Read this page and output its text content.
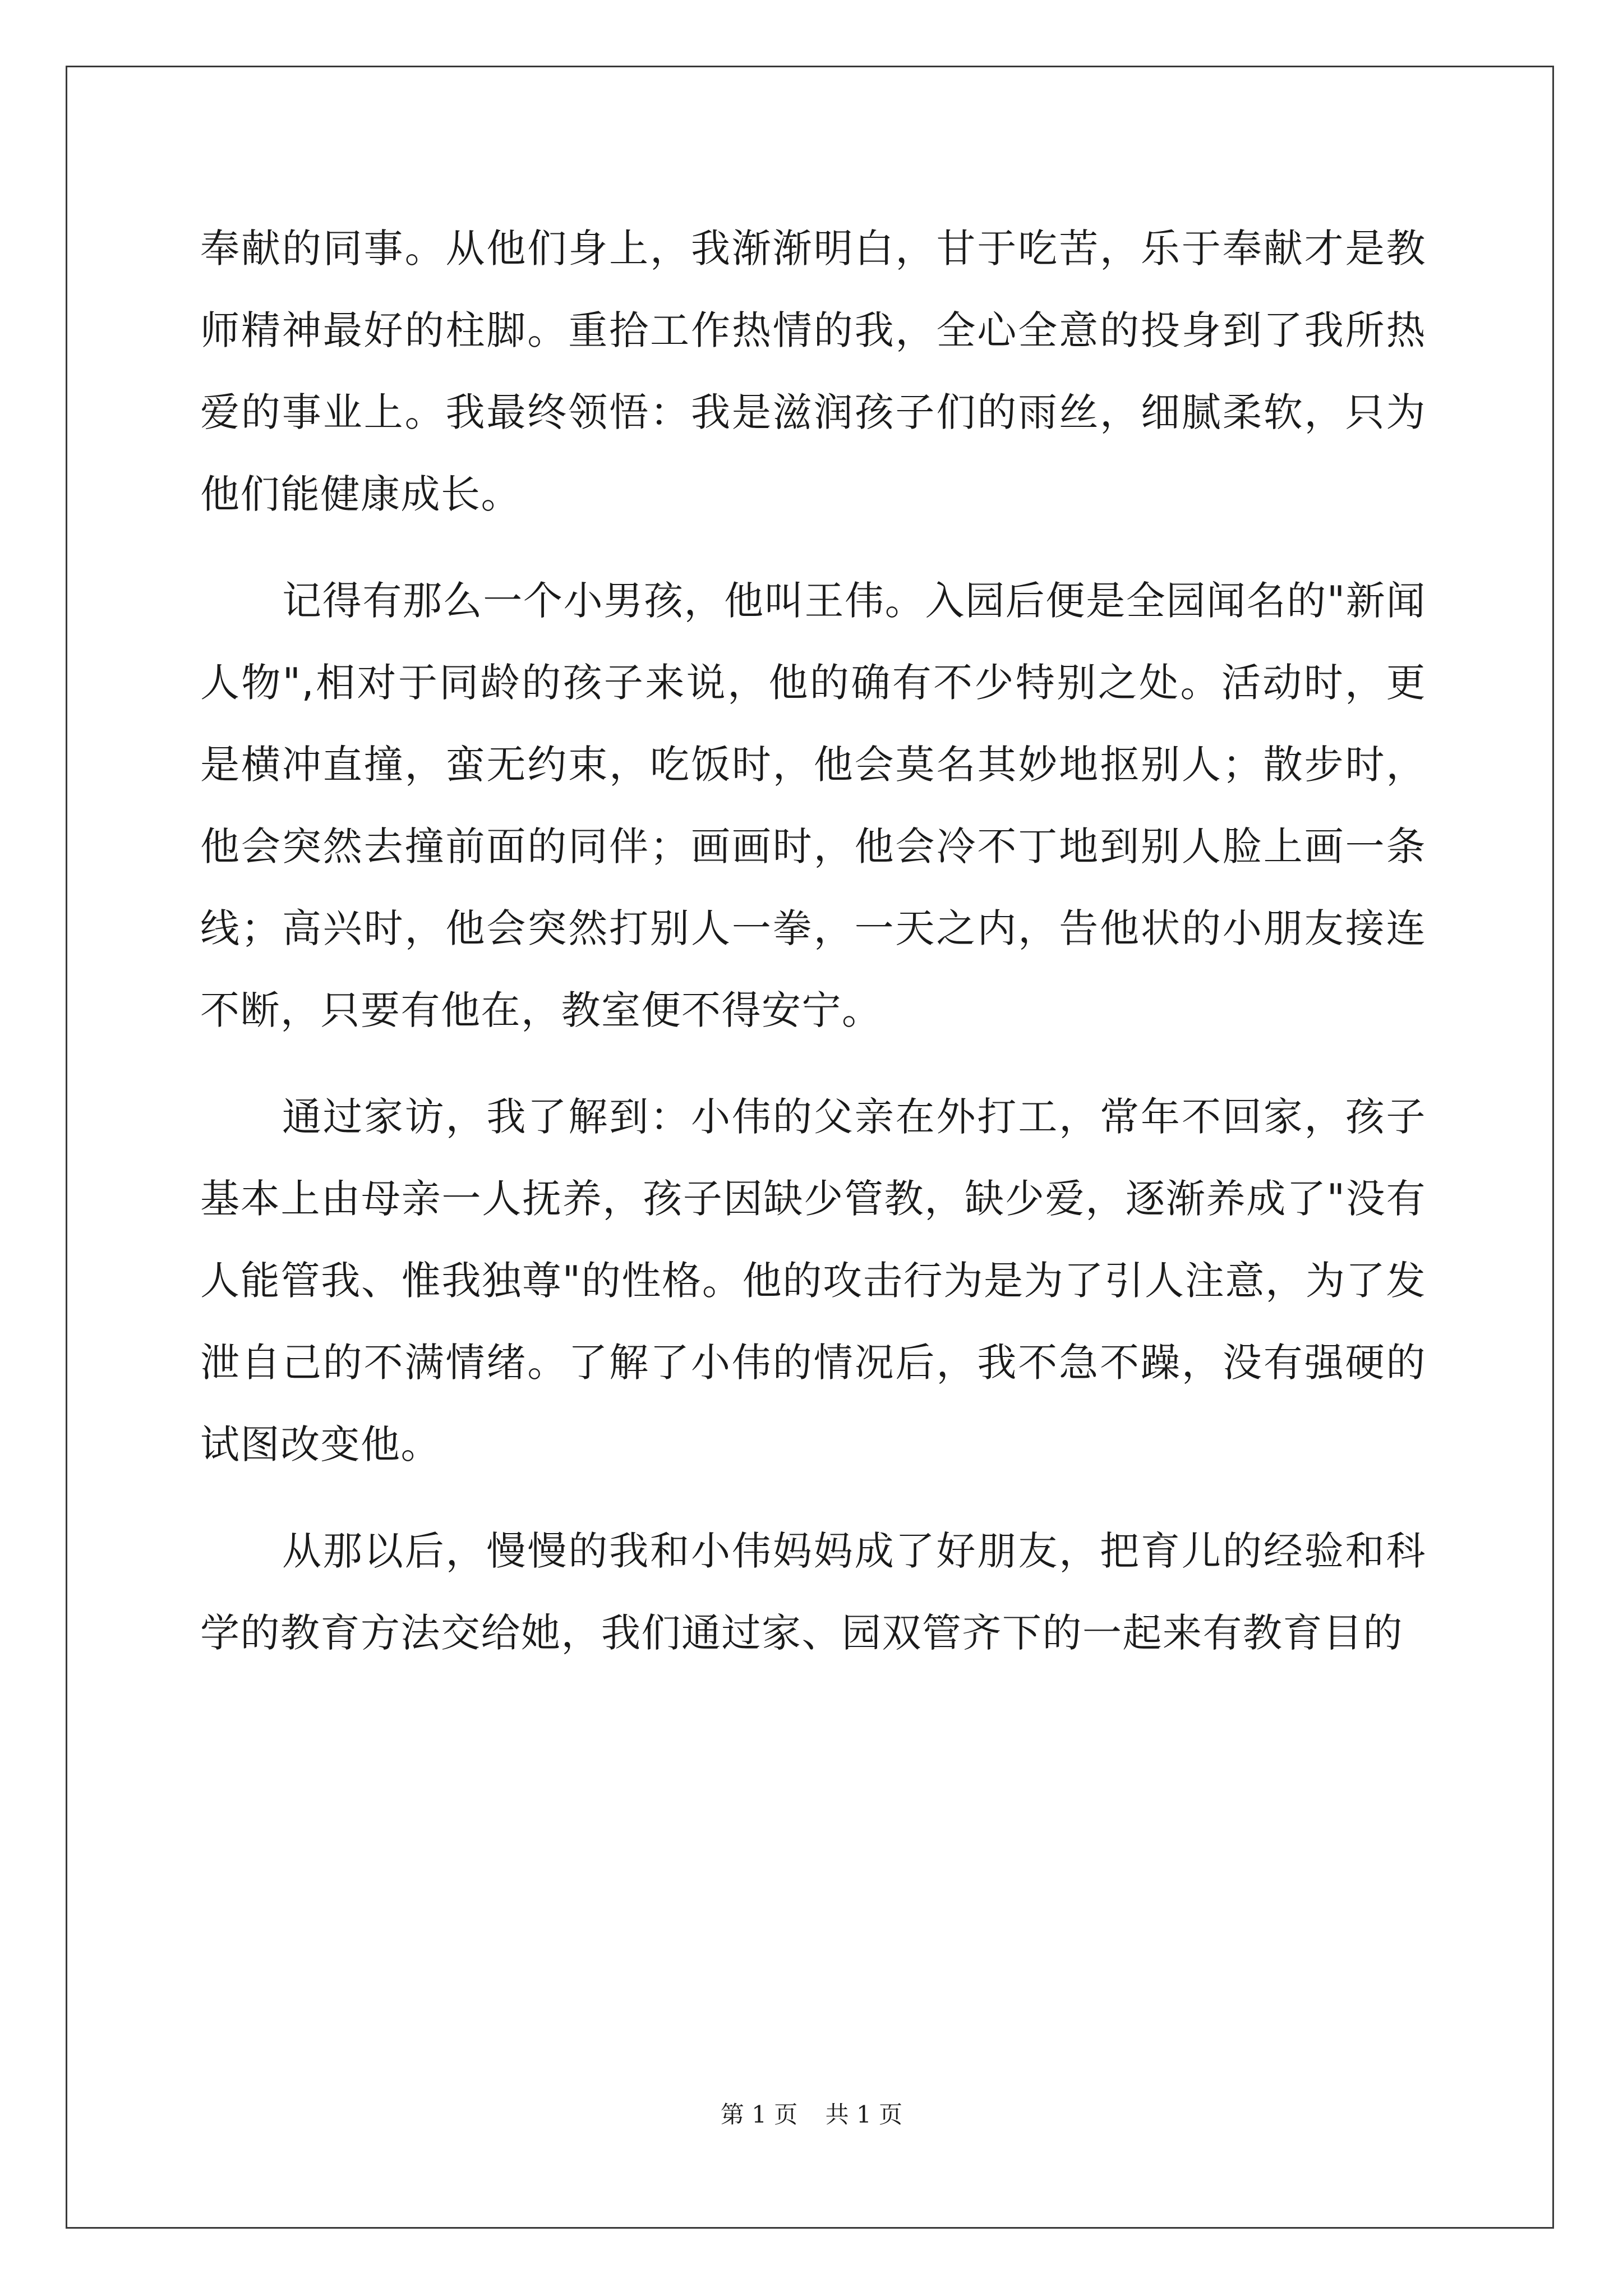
奉献的同事。从他们身上，我渐渐明白，甘于吃苦，乐于奉献才是教师精神最好的柱脚。重拾工作热情的我，全心全意的投身到了我所热爱的事业上。我最终领悟：我是滋润孩子们的雨丝，细腻柔软，只为他们能健康成长。

记得有那么一个小男孩，他叫王伟。入园后便是全园闻名的"新闻人物",相对于同龄的孩子来说，他的确有不少特别之处。活动时，更是横冲直撞，蛮无约束，吃饭时，他会莫名其妙地抠别人；散步时，他会突然去撞前面的同伴；画画时，他会冷不丁地到别人脸上画一条线；高兴时，他会突然打别人一拳，一天之内，告他状的小朋友接连不断，只要有他在，教室便不得安宁。

通过家访，我了解到：小伟的父亲在外打工，常年不回家，孩子基本上由母亲一人抚养，孩子因缺少管教，缺少爱，逐渐养成了"没有人能管我、惟我独尊"的性格。他的攻击行为是为了引人注意，为了发泄自己的不满情绪。了解了小伟的情况后，我不急不躁，没有强硬的试图改变他。

从那以后，慢慢的我和小伟妈妈成了好朋友，把育儿的经验和科学的教育方法交给她，我们通过家、园双管齐下的一起来有教育目的

第 1 页 共 1 页
